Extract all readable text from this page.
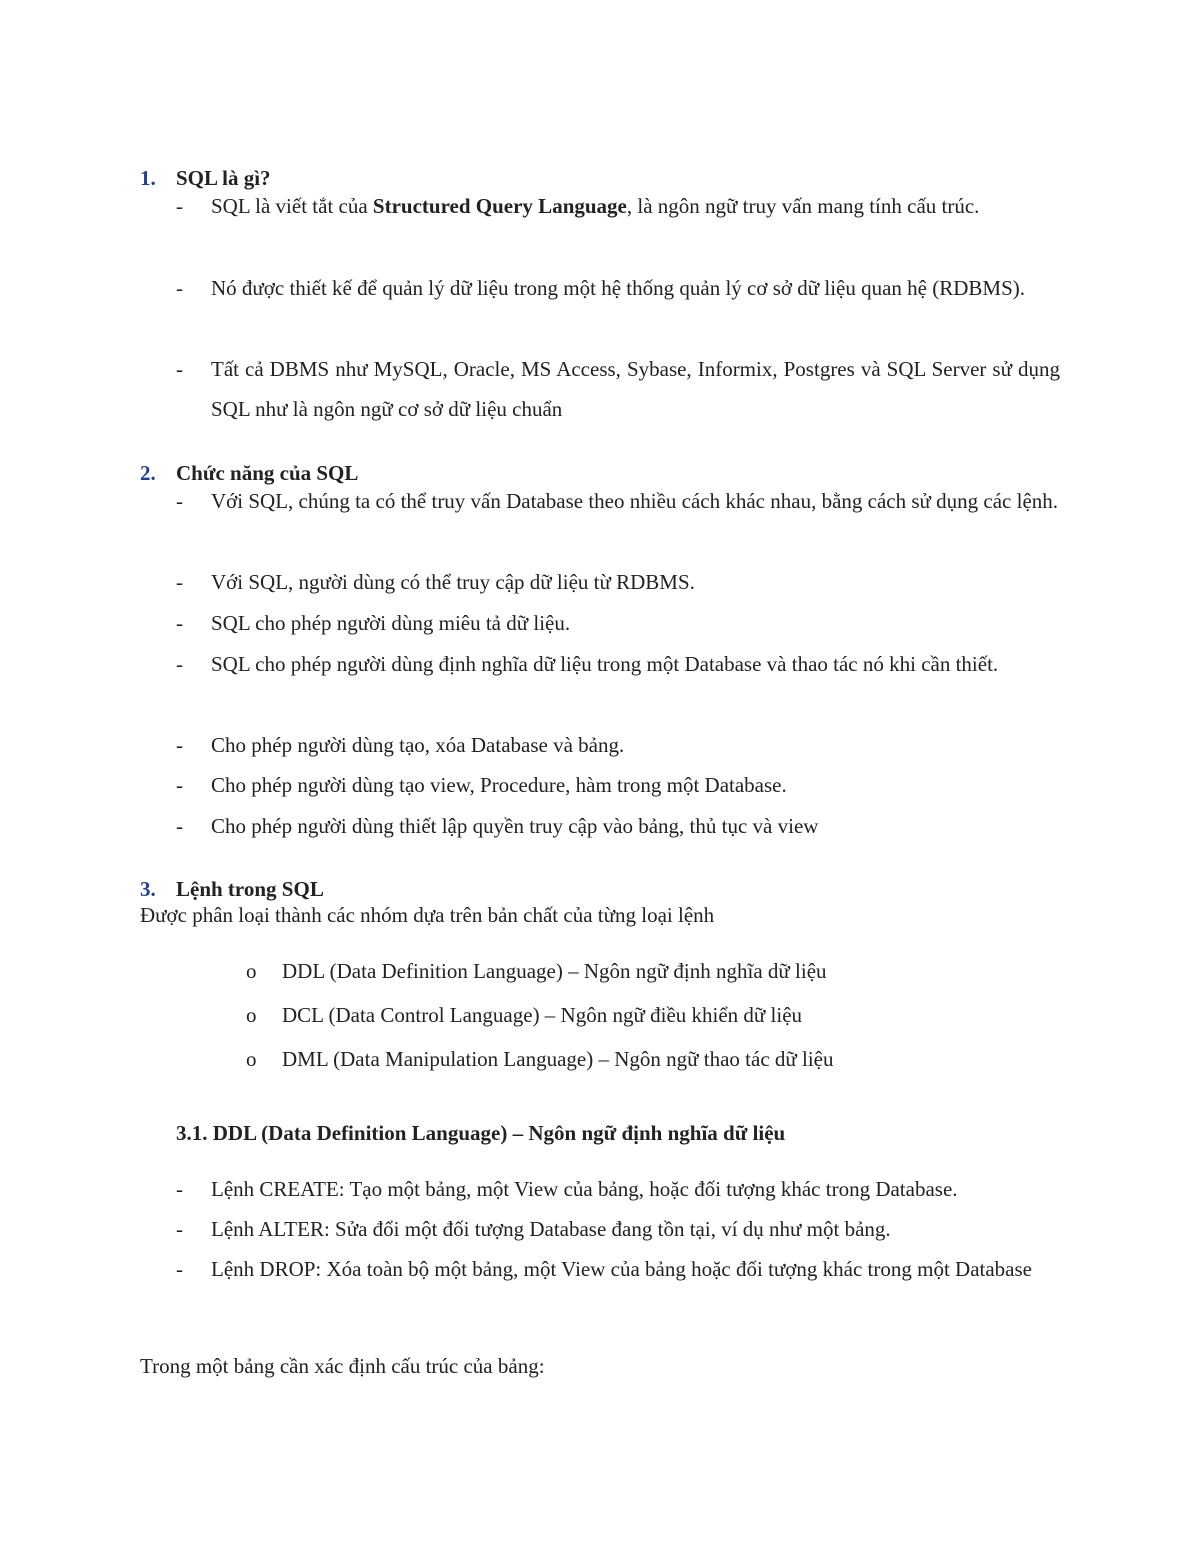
1. SQL là gì?
- SQL là viết tắt của Structured Query Language, là ngôn ngữ truy vấn mang tính cấu trúc.
- Nó được thiết kế để quản lý dữ liệu trong một hệ thống quản lý cơ sở dữ liệu quan hệ (RDBMS).
- Tất cả DBMS như MySQL, Oracle, MS Access, Sybase, Informix, Postgres và SQL Server sử dụng SQL như là ngôn ngữ cơ sở dữ liệu chuẩn
2. Chức năng của SQL
- Với SQL, chúng ta có thể truy vấn Database theo nhiều cách khác nhau, bằng cách sử dụng các lệnh.
- Với SQL, người dùng có thể truy cập dữ liệu từ RDBMS.
- SQL cho phép người dùng miêu tả dữ liệu.
- SQL cho phép người dùng định nghĩa dữ liệu trong một Database và thao tác nó khi cần thiết.
- Cho phép người dùng tạo, xóa Database và bảng.
- Cho phép người dùng tạo view, Procedure, hàm trong một Database.
- Cho phép người dùng thiết lập quyền truy cập vào bảng, thủ tục và view
3. Lệnh trong SQL
Được phân loại thành các nhóm dựa trên bản chất của từng loại lệnh
o DDL (Data Definition Language) – Ngôn ngữ định nghĩa dữ liệu
o DCL (Data Control Language) – Ngôn ngữ điều khiển dữ liệu
o DML (Data Manipulation Language) – Ngôn ngữ thao tác dữ liệu
3.1. DDL (Data Definition Language) – Ngôn ngữ định nghĩa dữ liệu
- Lệnh CREATE: Tạo một bảng, một View của bảng, hoặc đối tượng khác trong Database.
- Lệnh ALTER: Sửa đổi một đối tượng Database đang tồn tại, ví dụ như một bảng.
- Lệnh DROP: Xóa toàn bộ một bảng, một View của bảng hoặc đối tượng khác trong một Database
Trong một bảng cần xác định cấu trúc của bảng:
